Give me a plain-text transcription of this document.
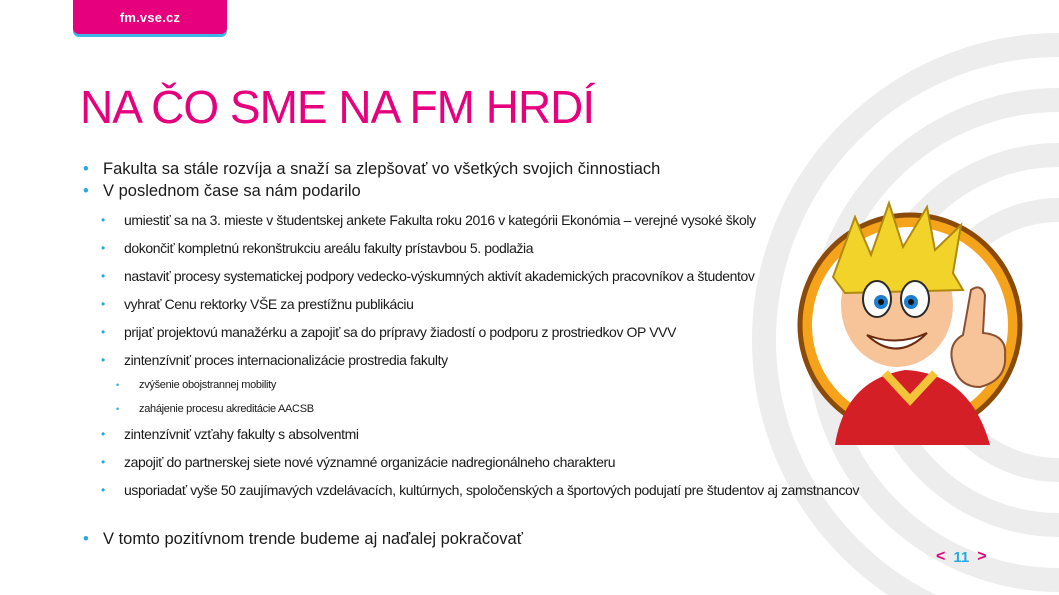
fm.vse.cz
NA ČO SME NA FM HRDÍ
• Fakulta sa stále rozvíja a snaží sa zlepšovať vo všetkých svojich činnostiach
• V poslednom čase sa nám podarilo
• umiestiť sa na 3. mieste v študentskej ankete Fakulta roku 2016 v kategórii Ekonómia – verejné vysoké školy
• dokončiť kompletnú rekonštrukciu areálu fakulty prístavbou 5. podlažia
• nastaviť procesy systematickej podpory vedecko-výskumných aktivít akademických pracovníkov a študentov
• vyhrať Cenu rektorky VŠE za prestížnu publikáciu
• prijať projektovú manažérku a zapojiť sa do prípravy žiadostí o podporu z prostriedkov OP VVV
• zintenzívniť proces internacionalizácie prostredia fakulty
• zvýšenie obojstrannej mobility
• zahájenie procesu akreditácie AACSB
• zintenzívniť vzťahy fakulty s absolventmi
• zapojiť do partnerskej siete nové významné organizácie nadregionálneho charakteru
• usporiadať vyše 50 zaujímavých vzdelávacích, kultúrnych, spoločenských a športových podujatí pre študentov aj zamstnancov
• V tomto pozitívnom trende budeme aj naďalej pokračovať
< 11 >
